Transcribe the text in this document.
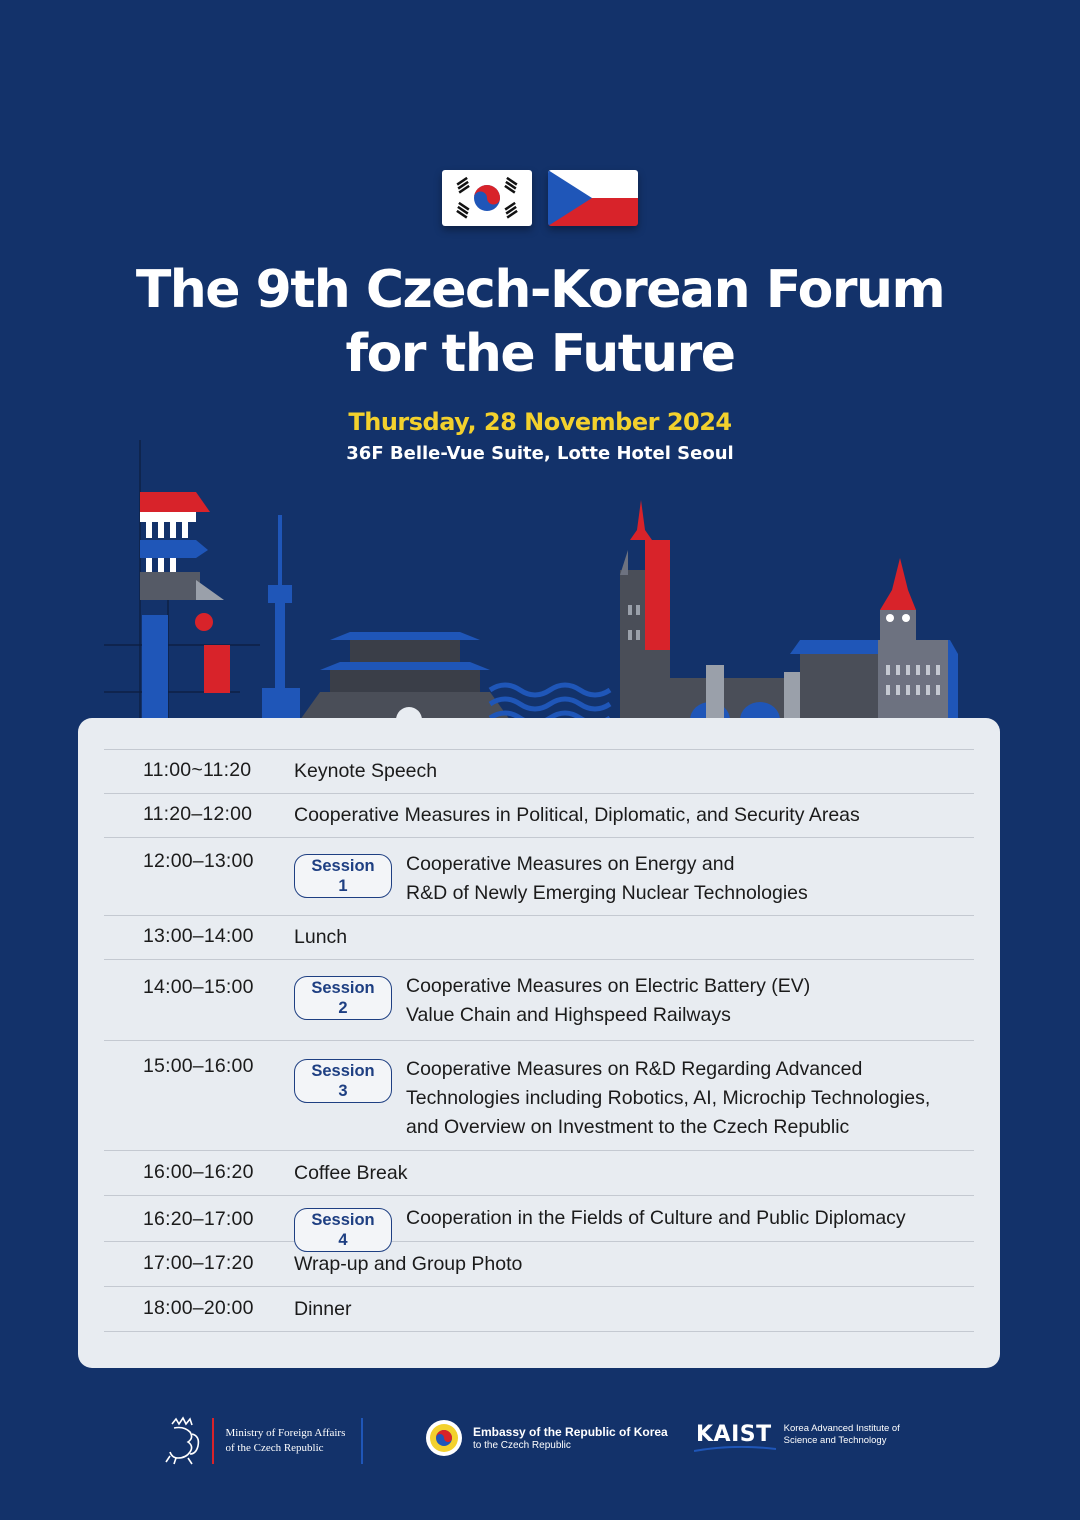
The 9th Czech-Korean Forum
for the Future
Thursday, 28 November 2024
36F Belle-Vue Suite, Lotte Hotel Seoul
11:00~11:20	Keynote Speech
11:20–12:00	Cooperative Measures in Political, Diplomatic, and Security Areas
12:00–13:00	Session 1
Cooperative Measures on Energy and
R&D of Newly Emerging Nuclear Technologies
13:00–14:00	Lunch
14:00–15:00	Session 2
Cooperative Measures on Electric Battery (EV)
Value Chain and Highspeed Railways
15:00–16:00	Session 3
Cooperative Measures on R&D Regarding Advanced
Technologies including Robotics, AI, Microchip Technologies,
and Overview on Investment to the Czech Republic
16:00–16:20	Coffee Break
16:20–17:00	Session 4
Cooperation in the Fields of Culture and Public Diplomacy
17:00–17:20	Wrap-up and Group Photo
18:00–20:00	Dinner
Ministry of Foreign Affairs
of the Czech Republic
Embassy of the Republic of Korea
to the Czech Republic	KAIST Korea Advanced Institute of
Science and Technology
